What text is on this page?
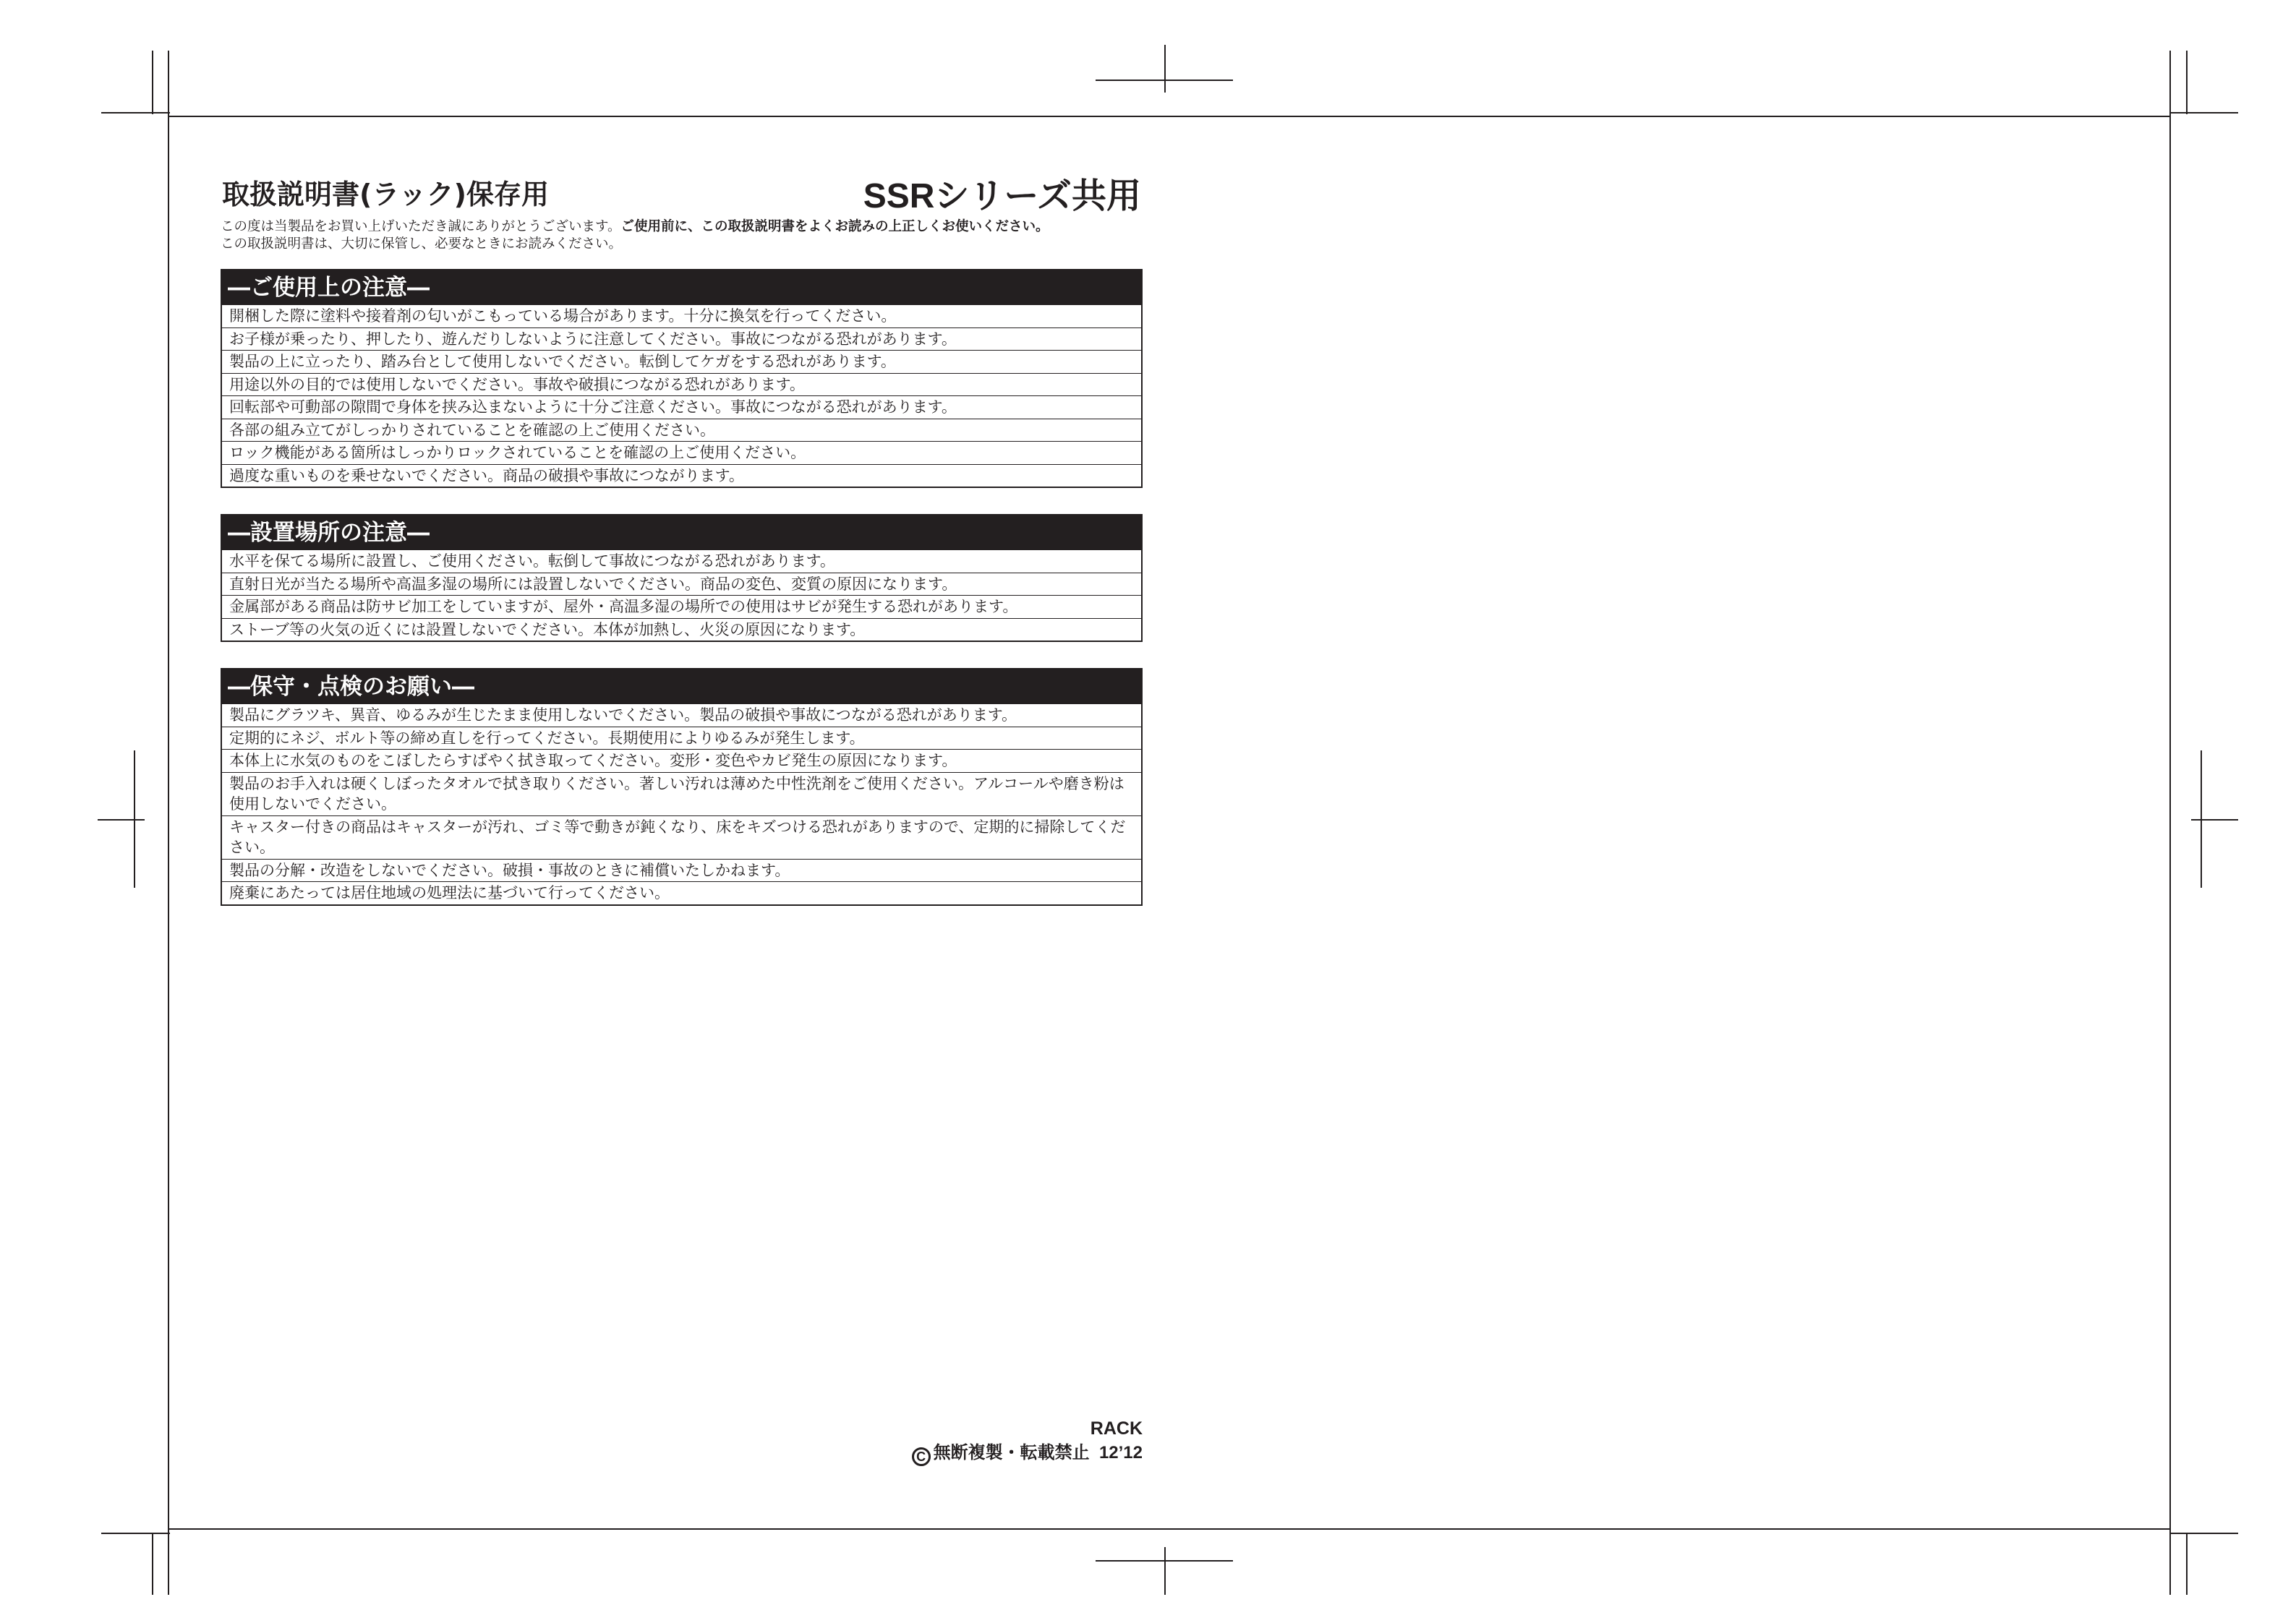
取扱説明書(ラック)保存用	SSRシリーズ共用
この度は当製品をお買い上げいただき誠にありがとうございます。ご使用前に、この取扱説明書をよくお読みの上正しくお使いください。
この取扱説明書は、大切に保管し、必要なときにお読みください。
―ご使用上の注意―
開梱した際に塗料や接着剤の匂いがこもっている場合があります。十分に換気を行ってください。
お子様が乗ったり、押したり、遊んだりしないように注意してください。事故につながる恐れがあります。
製品の上に立ったり、踏み台として使用しないでください。転倒してケガをする恐れがあります。
用途以外の目的では使用しないでください。事故や破損につながる恐れがあります。
回転部や可動部の隙間で身体を挟み込まないように十分ご注意ください。事故につながる恐れがあります。
各部の組み立てがしっかりされていることを確認の上ご使用ください。
ロック機能がある箇所はしっかりロックされていることを確認の上ご使用ください。
過度な重いものを乗せないでください。商品の破損や事故につながります。
―設置場所の注意―
水平を保てる場所に設置し、ご使用ください。転倒して事故につながる恐れがあります。
直射日光が当たる場所や高温多湿の場所には設置しないでください。商品の変色、変質の原因になります。
金属部がある商品は防サビ加工をしていますが、屋外・高温多湿の場所での使用はサビが発生する恐れがあります。
ストーブ等の火気の近くには設置しないでください。本体が加熱し、火災の原因になります。
―保守・点検のお願い―
製品にグラツキ、異音、ゆるみが生じたまま使用しないでください。製品の破損や事故につながる恐れがあります。
定期的にネジ、ボルト等の締め直しを行ってください。長期使用によりゆるみが発生します。
本体上に水気のものをこぼしたらすばやく拭き取ってください。変形・変色やカビ発生の原因になります。
製品のお手入れは硬くしぼったタオルで拭き取りください。著しい汚れは薄めた中性洗剤をご使用ください。アルコールや磨き粉は使用しないでください。
キャスター付きの商品はキャスターが汚れ、ゴミ等で動きが鈍くなり、床をキズつける恐れがありますので、定期的に掃除してください。
製品の分解・改造をしないでください。破損・事故のときに補償いたしかねます。
廃棄にあたっては居住地域の処理法に基づいて行ってください。
RACK
C 無断複製・転載禁止 12’12
